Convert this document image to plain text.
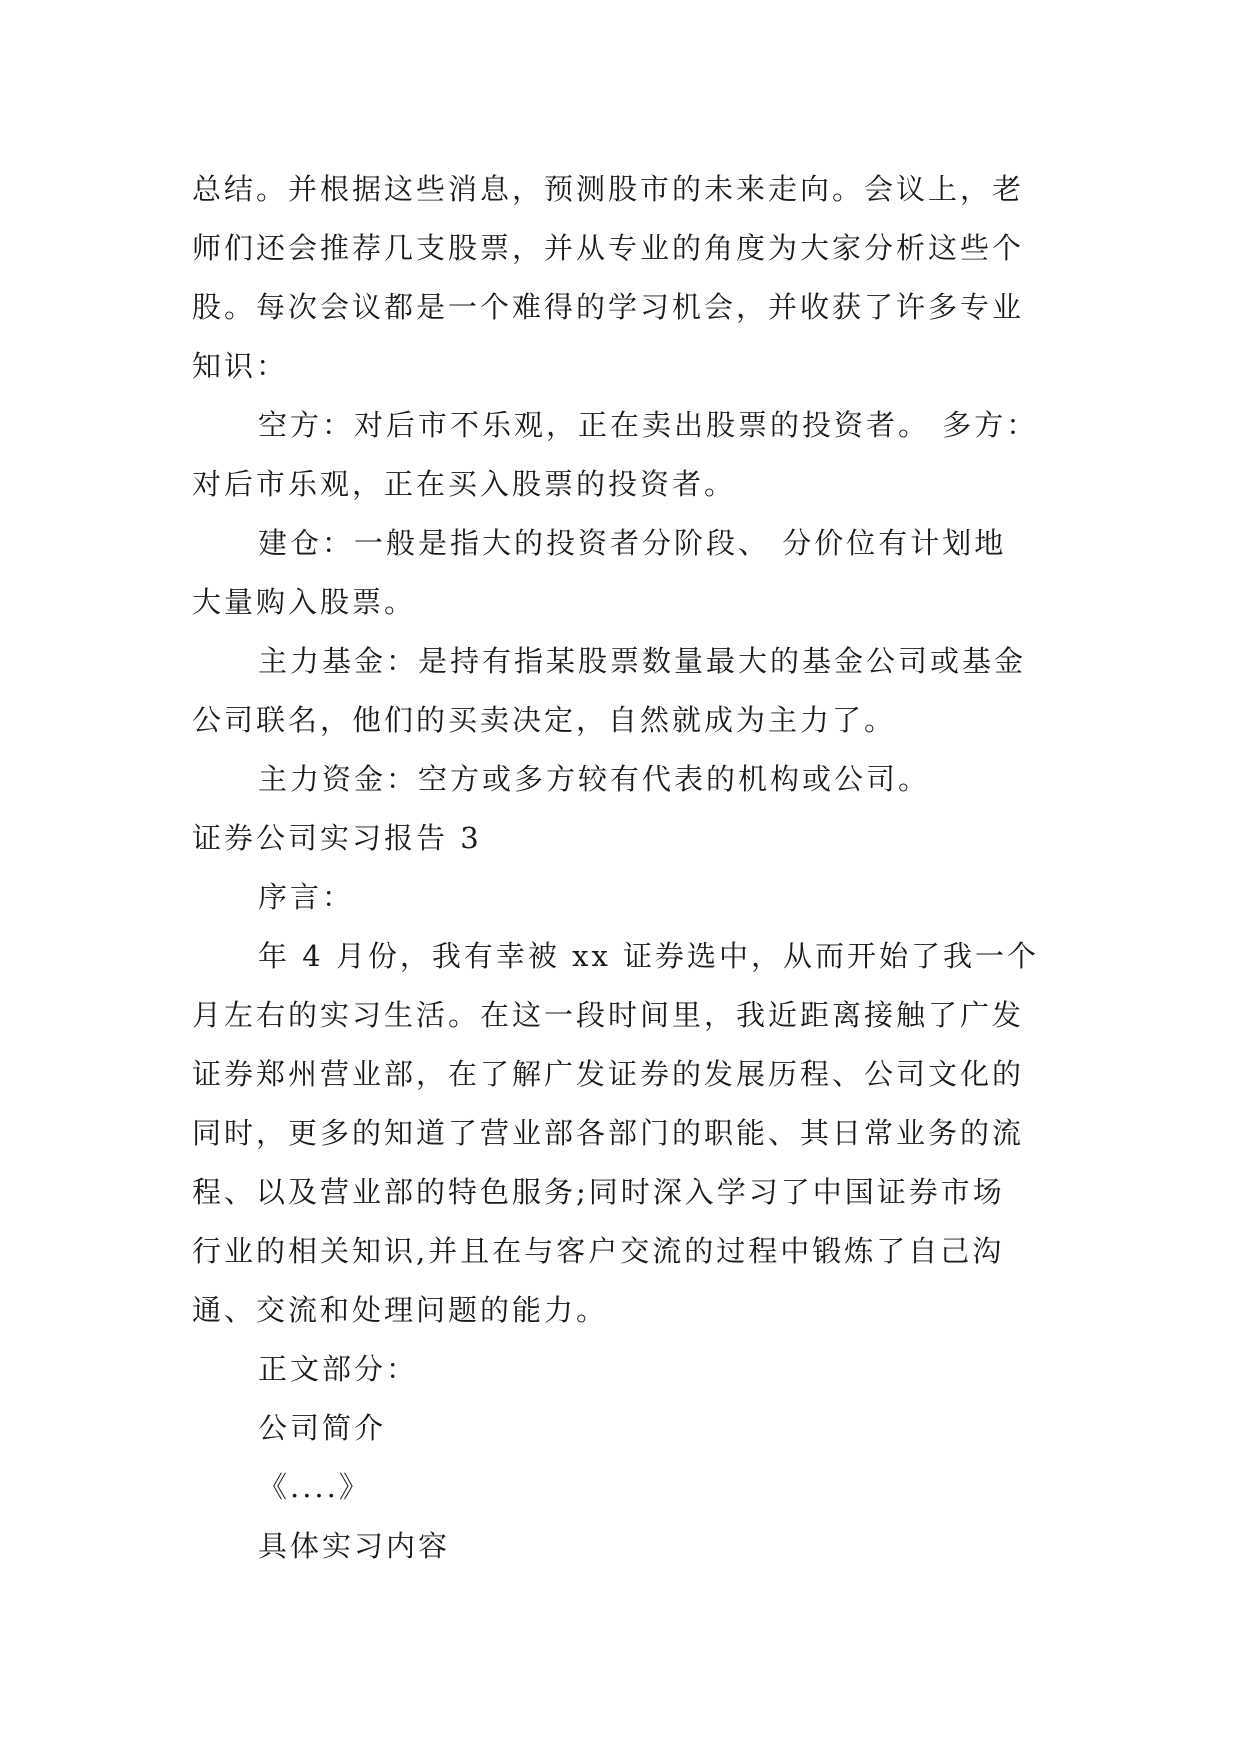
总结。并根据这些消息，预测股市的未来走向。会议上，老
师们还会推荐几支股票，并从专业的角度为大家分析这些个
股。每次会议都是一个难得的学习机会，并收获了许多专业
知识：
空方：对后市不乐观，正在卖出股票的投资者。 多方：
对后市乐观，正在买入股票的投资者。
建仓：一般是指大的投资者分阶段、 分价位有计划地
大量购入股票。
主力基金：是持有指某股票数量最大的基金公司或基金
公司联名，他们的买卖决定，自然就成为主力了。
主力资金：空方或多方较有代表的机构或公司。
证券公司实习报告 3
序言：
年 4 月份，我有幸被 xx 证券选中，从而开始了我一个
月左右的实习生活。在这一段时间里，我近距离接触了广发
证券郑州营业部，在了解广发证券的发展历程、公司文化的
同时，更多的知道了营业部各部门的职能、其日常业务的流
程、以及营业部的特色服务;同时深入学习了中国证券市场
行业的相关知识,并且在与客户交流的过程中锻炼了自己沟
通、交流和处理问题的能力。
正文部分：
公司简介
《....》
具体实习内容
